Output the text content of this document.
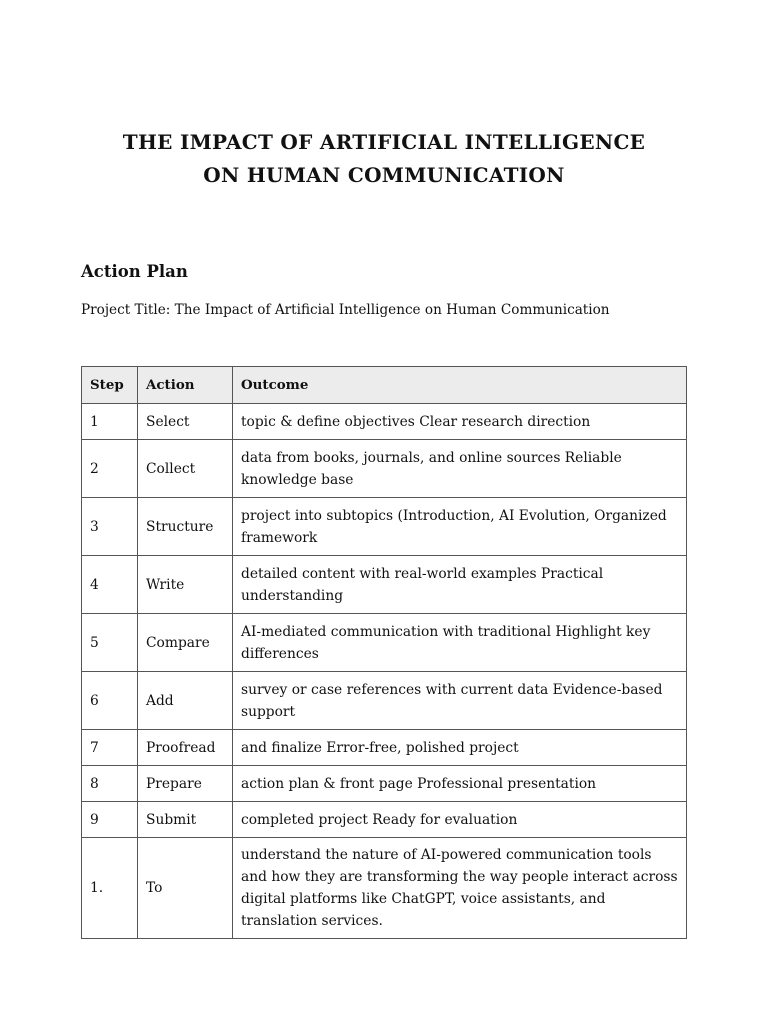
THE IMPACT OF ARTIFICIAL INTELLIGENCE
ON HUMAN COMMUNICATION
Action Plan

Project Title: The Impact of Artificial Intelligence on Human Communication

Step	Action	Outcome
1	Select	topic & define objectives Clear research direction
2	Collect	data from books, journals, and online sources Reliable knowledge base
3	Structure	project into subtopics (Introduction, AI Evolution, Organized framework
4	Write	detailed content with real-world examples Practical understanding
5	Compare	AI-mediated communication with traditional Highlight key differences
6	Add	survey or case references with current data Evidence-based support
7	Proofread	and finalize Error-free, polished project
8	Prepare	action plan & front page Professional presentation
9	Submit	completed project Ready for evaluation
1.	To	understand the nature of AI-powered communication tools and how they are transforming the way people interact across digital platforms like ChatGPT, voice assistants, and translation services.
